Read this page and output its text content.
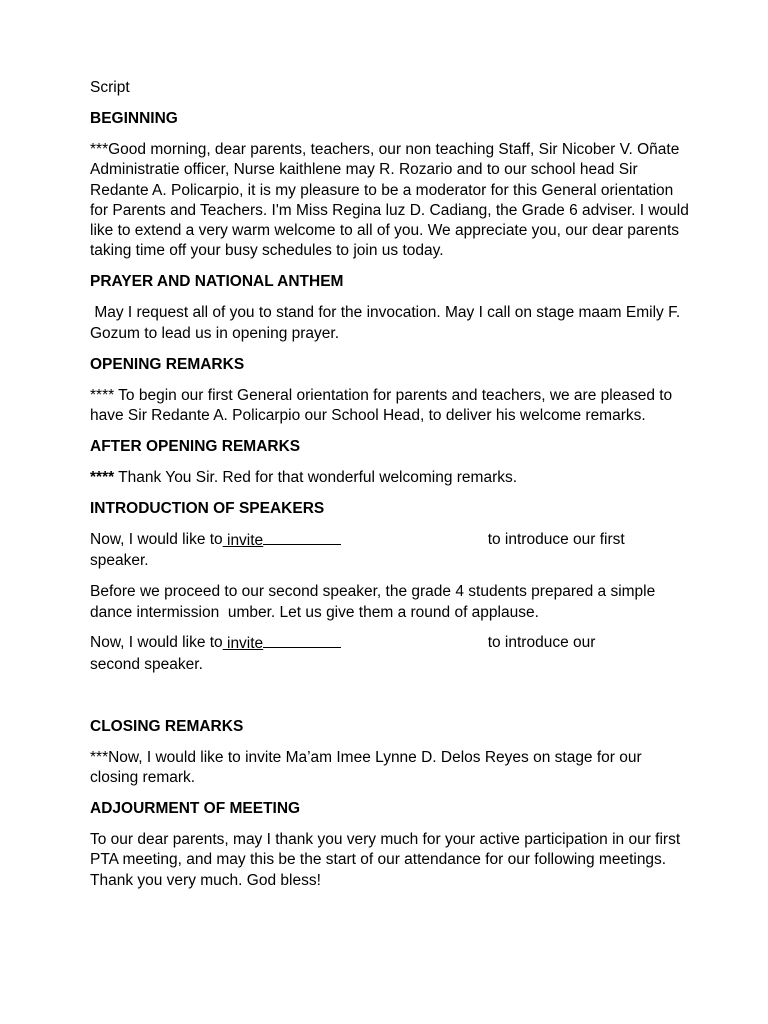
Script

BEGINNING

***Good morning, dear parents, teachers, our non teaching Staff, Sir Nicober V. Oñate Administratie officer, Nurse kaithlene may R. Rozario and to our school head Sir Redante A. Policarpio, it is my pleasure to be a moderator for this General orientation for Parents and Teachers. I'm Miss Regina luz D. Cadiang, the Grade 6 adviser. I would like to extend a very warm welcome to all of you. We appreciate you, our dear parents taking time off your busy schedules to join us today.

PRAYER AND NATIONAL ANTHEM

May I request all of you to stand for the invocation. May I call on stage maam Emily F. Gozum to lead us in opening prayer.

OPENING REMARKS

**** To begin our first General orientation for parents and teachers, we are pleased to have Sir Redante A. Policarpio our School Head, to deliver his welcome remarks.

AFTER OPENING REMARKS

**** Thank You Sir. Red for that wonderful welcoming remarks.

INTRODUCTION OF SPEAKERS

Now, I would like to invite	to introduce our first
speaker.

Before we proceed to our second speaker, the grade 4 students prepared a simple dance intermission  umber. Let us give them a round of applause.

Now, I would like to invite	to introduce our
second speaker.

CLOSING REMARKS

***Now, I would like to invite Ma’am Imee Lynne D. Delos Reyes on stage for our closing remark.

ADJOURMENT OF MEETING

To our dear parents, may I thank you very much for your active participation in our first PTA meeting, and may this be the start of our attendance for our following meetings. Thank you very much. God bless!
